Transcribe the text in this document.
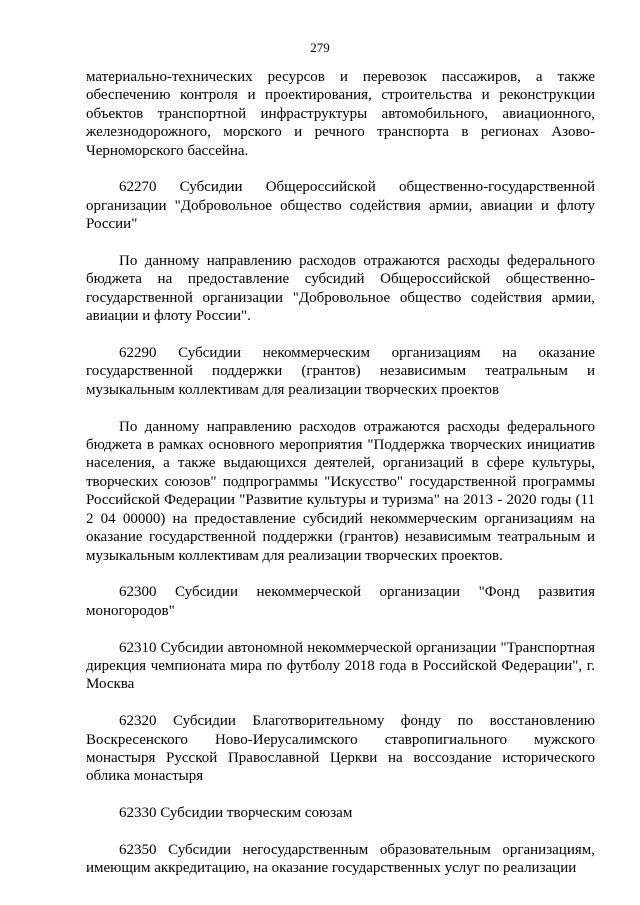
279

материально-технических ресурсов и перевозок пассажиров, а также обеспечению контроля и проектирования, строительства и реконструкции объектов транспортной инфраструктуры автомобильного, авиационного, железнодорожного, морского и речного транспорта в регионах Азово-Черноморского бассейна.

62270 Субсидии Общероссийской общественно-государственной организации "Добровольное общество содействия армии, авиации и флоту России"

По данному направлению расходов отражаются расходы федерального бюджета на предоставление субсидий Общероссийской общественно-государственной организации "Добровольное общество содействия армии, авиации и флоту России".

62290 Субсидии некоммерческим организациям на оказание государственной поддержки (грантов) независимым театральным и музыкальным коллективам для реализации творческих проектов

По данному направлению расходов отражаются расходы федерального бюджета в рамках основного мероприятия "Поддержка творческих инициатив населения, а также выдающихся деятелей, организаций в сфере культуры, творческих союзов" подпрограммы "Искусство" государственной программы Российской Федерации "Развитие культуры и туризма" на 2013 - 2020 годы (11 2 04 00000) на предоставление субсидий некоммерческим организациям на оказание государственной поддержки (грантов) независимым театральным и музыкальным коллективам для реализации творческих проектов.

62300 Субсидии некоммерческой организации "Фонд развития моногородов"

62310 Субсидии автономной некоммерческой организации "Транспортная дирекция чемпионата мира по футболу 2018 года в Российской Федерации", г. Москва

62320 Субсидии Благотворительному фонду по восстановлению Воскресенского Ново-Иерусалимского ставропигиального мужского монастыря Русской Православной Церкви на воссоздание исторического облика монастыря

62330 Субсидии творческим союзам

62350 Субсидии негосударственным образовательным организациям, имеющим аккредитацию, на оказание государственных услуг по реализации
